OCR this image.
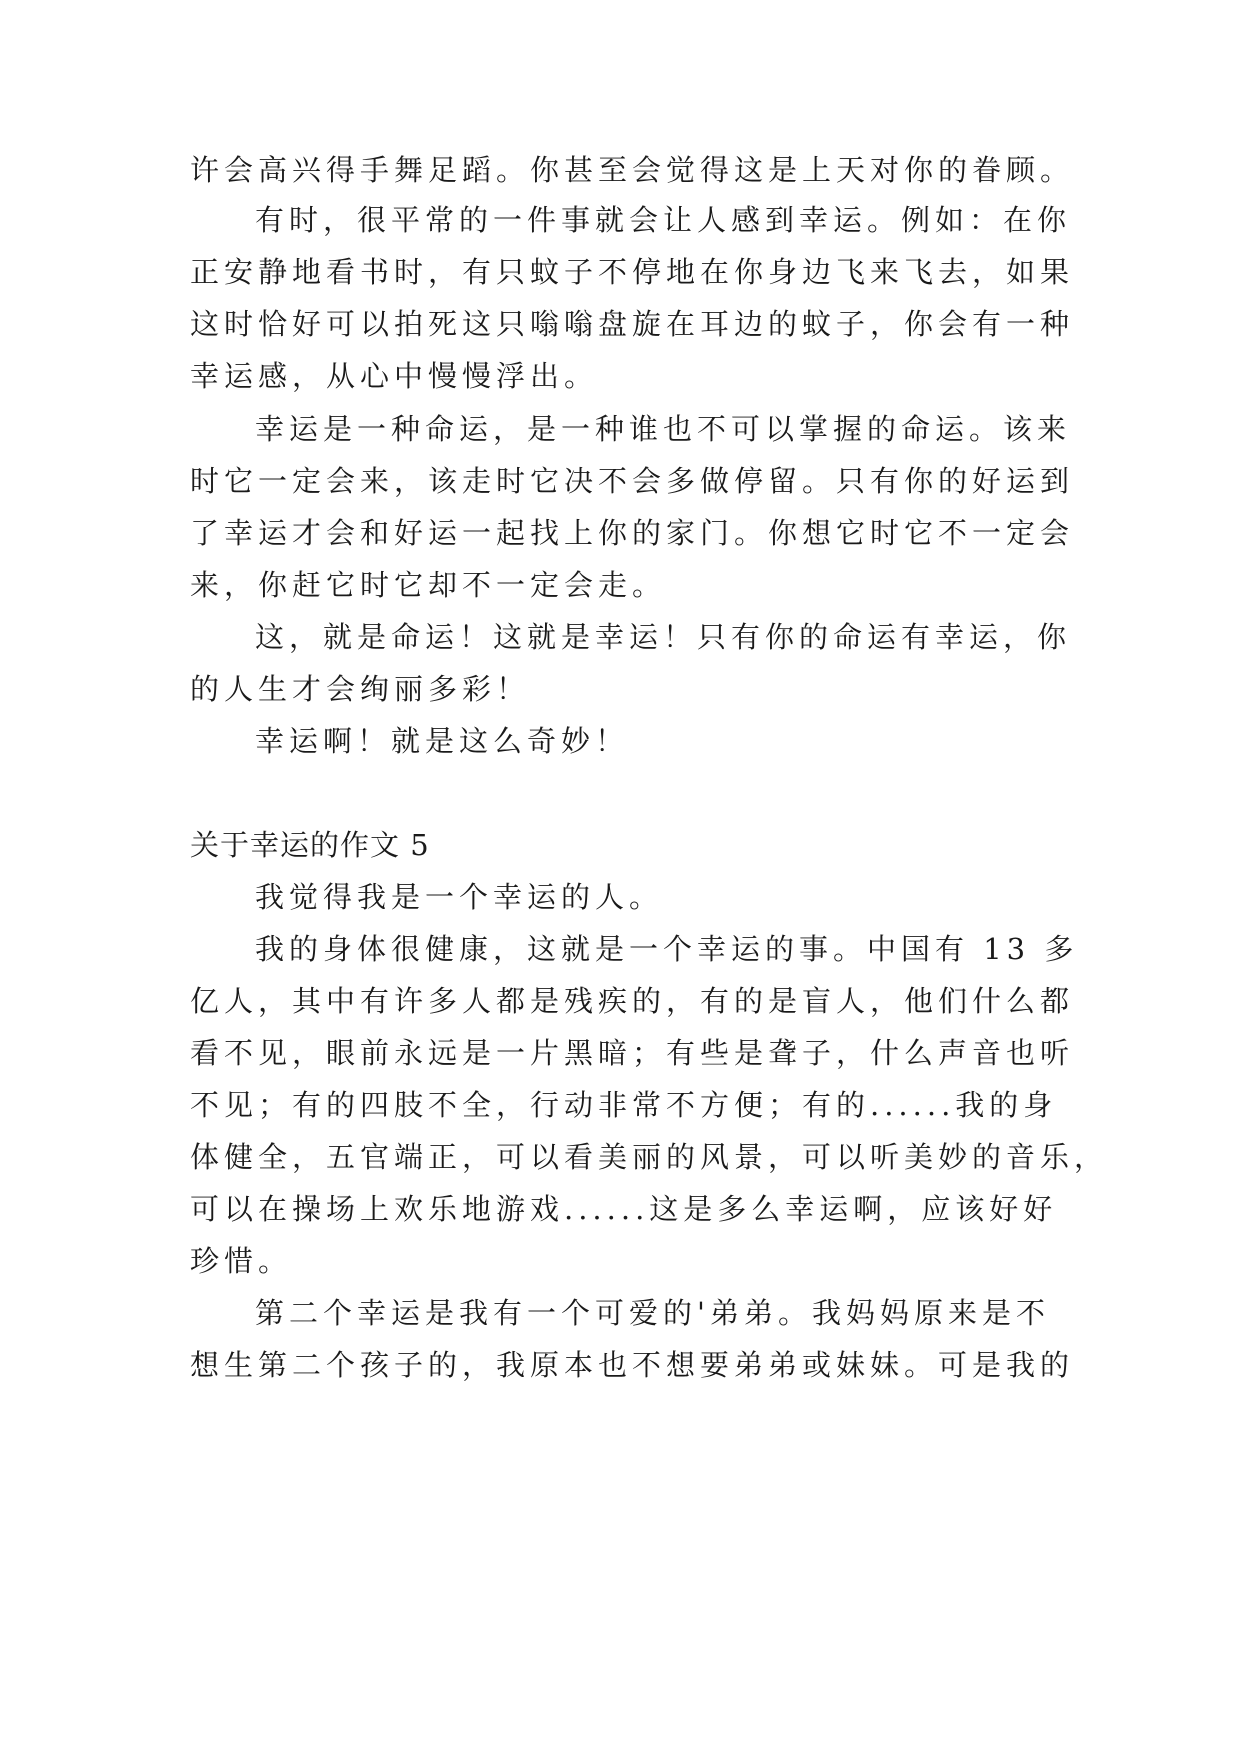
许会高兴得手舞足蹈。你甚至会觉得这是上天对你的眷顾。
有时，很平常的一件事就会让人感到幸运。例如：在你
正安静地看书时，有只蚊子不停地在你身边飞来飞去，如果
这时恰好可以拍死这只嗡嗡盘旋在耳边的蚊子，你会有一种
幸运感，从心中慢慢浮出。
幸运是一种命运，是一种谁也不可以掌握的命运。该来
时它一定会来，该走时它决不会多做停留。只有你的好运到
了幸运才会和好运一起找上你的家门。你想它时它不一定会
来，你赶它时它却不一定会走。
这，就是命运！这就是幸运！只有你的命运有幸运，你
的人生才会绚丽多彩！
幸运啊！就是这么奇妙！
关于幸运的作文 5
我觉得我是一个幸运的人。
我的身体很健康，这就是一个幸运的事。中国有 13 多
亿人，其中有许多人都是残疾的，有的是盲人，他们什么都
看不见，眼前永远是一片黑暗；有些是聋子，什么声音也听
不见；有的四肢不全，行动非常不方便；有的......我的身
体健全，五官端正，可以看美丽的风景，可以听美妙的音乐，
可以在操场上欢乐地游戏......这是多么幸运啊，应该好好
珍惜。
第二个幸运是我有一个可爱的'弟弟。我妈妈原来是不
想生第二个孩子的，我原本也不想要弟弟或妹妹。可是我的
